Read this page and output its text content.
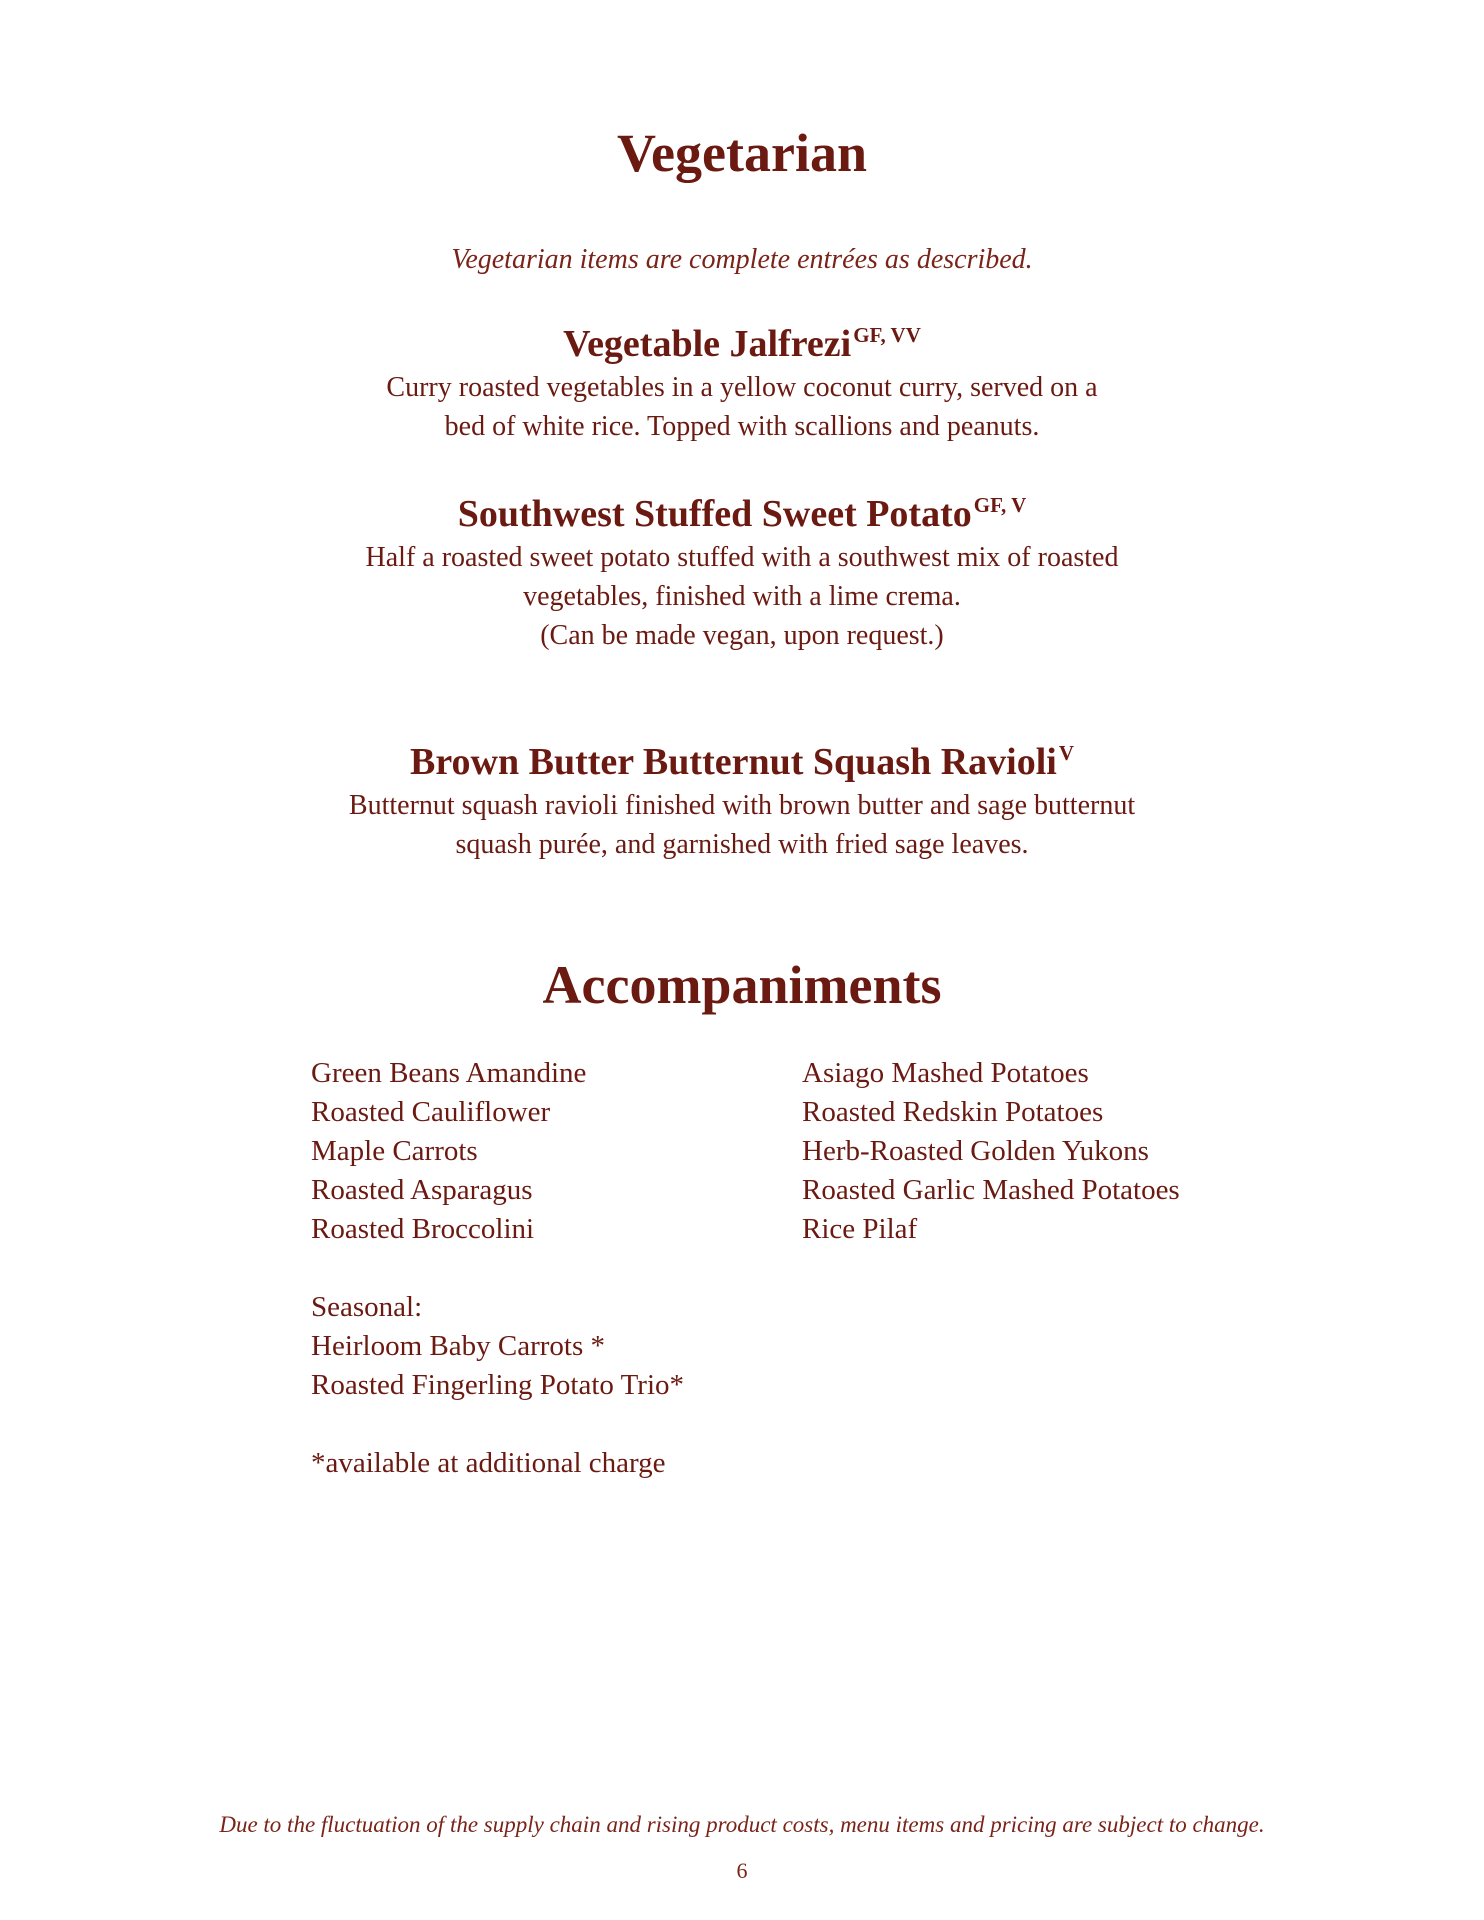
Vegetarian
Vegetarian items are complete entrées as described.
Vegetable Jalfrezi$^{GF, VV}$
Curry roasted vegetables in a yellow coconut curry, served on a
bed of white rice. Topped with scallions and peanuts.
Southwest Stuffed Sweet Potato$^{GF, V}$
Half a roasted sweet potato stuffed with a southwest mix of roasted
vegetables, finished with a lime crema.
(Can be made vegan, upon request.)
Brown Butter Butternut Squash Ravioli$^V$
Butternut squash ravioli finished with brown butter and sage butternut
squash purée, and garnished with fried sage leaves.
Accompaniments
Green Beans Amandine
Roasted Cauliflower
Maple Carrots
Roasted Asparagus
Roasted Broccolini
Asiago Mashed Potatoes
Roasted Redskin Potatoes
Herb-Roasted Golden Yukons
Roasted Garlic Mashed Potatoes
Rice Pilaf
Seasonal:
Heirloom Baby Carrots *
Roasted Fingerling Potato Trio*
*available at additional charge
Due to the fluctuation of the supply chain and rising product costs, menu items and pricing are subject to change.
6
